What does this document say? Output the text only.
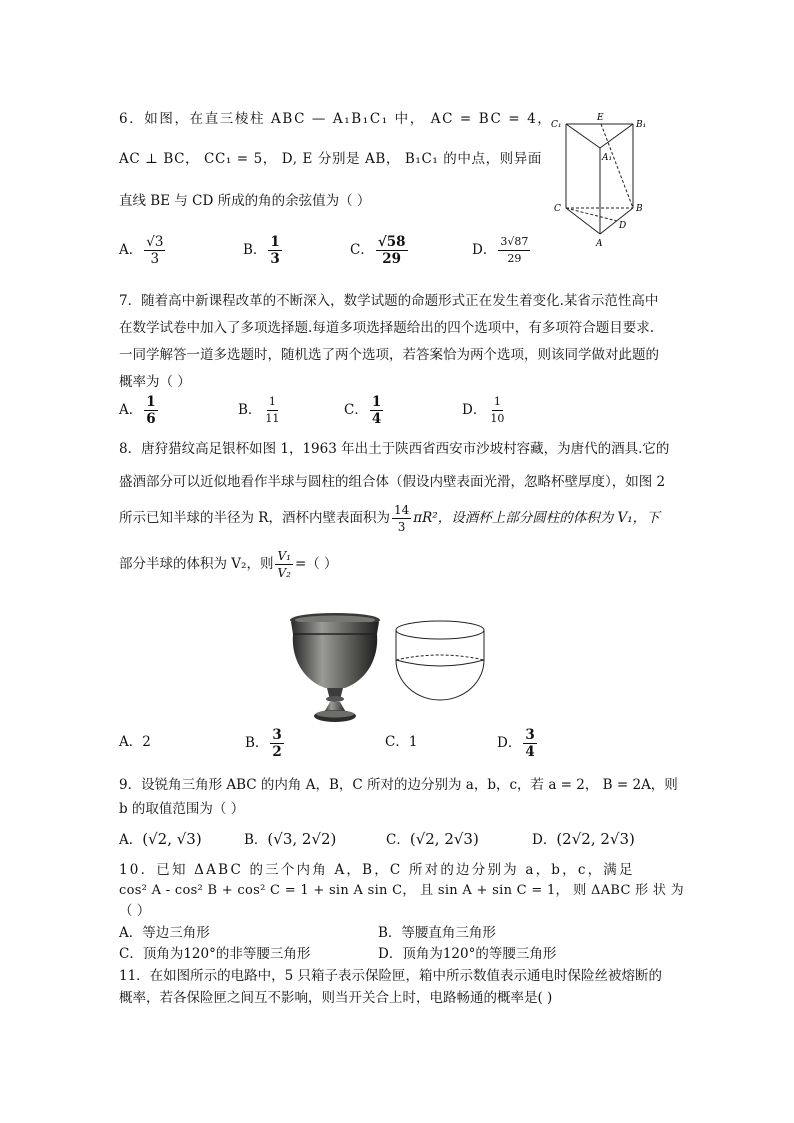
6．如图，在直三棱柱 ABC — A₁B₁C₁ 中， AC = BC = 4，
AC ⊥ BC， CC₁ = 5， D, E 分别是 AB， B₁C₁ 的中点，则异面
直线 BE 与 CD 所成的角的余弦值为（ ）
C₁
E
B₁
A₁
C	B
D
A
A． $\frac{√3}{3}$	B． $\frac{1}{3}$	C． $\frac{√58}{29}$	D． $\frac{3√87}{29}$
7．随着高中新课程改革的不断深入，数学试题的命题形式正在发生着变化.某省示范性高中
在数学试卷中加入了多项选择题.每道多项选择题给出的四个选项中，有多项符合题目要求.
一同学解答一道多选题时，随机选了两个选项，若答案恰为两个选项，则该同学做对此题的
概率为（ ）
A． $\frac{1}{6}$	B． $\frac{1}{11}$	C． $\frac{1}{4}$	D． $\frac{1}{10}$
8．唐狩猎纹高足银杯如图 1，1963 年出土于陕西省西安市沙坡村容藏，为唐代的酒具.它的
盛酒部分可以近似地看作半球与圆柱的组合体（假设内壁表面光滑，忽略杯壁厚度），如图 2
所示已知半球的半径为 R，酒杯内壁表面积为 $\frac{14}{3} \pi R^2$，设酒杯上部分圆柱的体积为 V₁，下
部分半球的体积为 V₂，则 $\frac{\text{V₁}}{\text{V₂}}$ =（ ）
A．2	B． $\frac{3}{2}$	C．1	D． $\frac{3}{4}$
9．设锐角三角形 ABC 的内角 A，B，C 所对的边分别为 a，b，c，若 a = 2， B = 2A，则
b 的取值范围为（ ）
A．(√2, √3)	B．(√3, 2√2)	C．(√2, 2√3)	D．(2√2, 2√3)
10．已知 ΔABC 的三个内角 A，B，C 所对的边分别为 a，b，c，满足
cos² A - cos² B + cos² C = 1 + sin A sin C， 且 sin A + sin C = 1， 则 ΔABC 形 状 为
（ ）
A．等边三角形	B．等腰直角三角形
C．顶角为120°的非等腰三角形	D．顶角为120°的等腰三角形
11．在如图所示的电路中，5 只箱子表示保险匣，箱中所示数值表示通电时保险丝被熔断的
概率，若各保险匣之间互不影响，则当开关合上时，电路畅通的概率是( )
